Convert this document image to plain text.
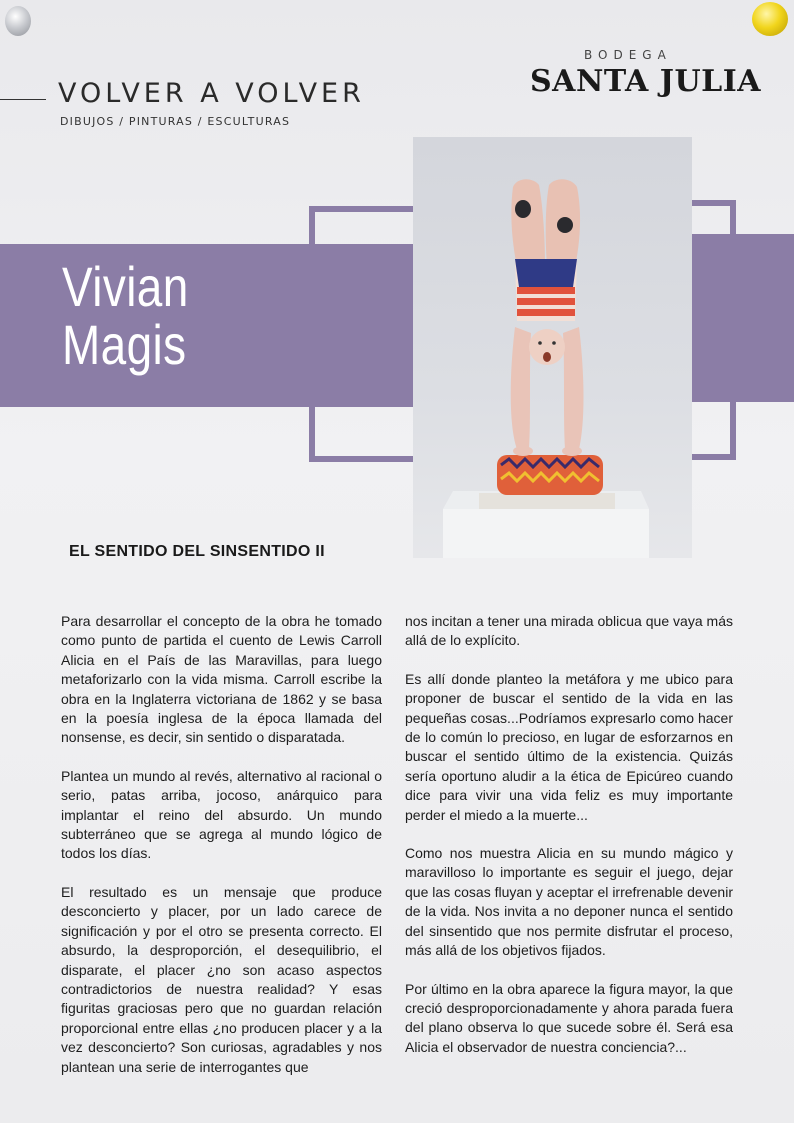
VOLVER A VOLVER
DIBUJOS / PINTURAS / ESCULTURAS
BODEGA
SANTA JULIA
Vivian
Magis
EL SENTIDO DEL SINSENTIDO II

Para desarrollar el concepto de la obra he tomado como punto de partida el cuento de Lewis Carroll Alicia en el País de las Maravillas, para luego metaforizarlo con la vida misma. Carroll escribe la obra en la Inglaterra victoriana de 1862 y se basa en la poesía inglesa de la época llamada del nonsense, es decir, sin sentido o disparatada.

Plantea un mundo al revés, alternativo al racional o serio, patas arriba, jocoso, anárquico para implantar el reino del absurdo. Un mundo subterráneo que se agrega al mundo lógico de todos los días.

El resultado es un mensaje que produce desconcierto y placer, por un lado carece de significación y por el otro se presenta correcto. El absurdo, la desproporción, el desequilibrio, el disparate, el placer ¿no son acaso aspectos contradictorios de nuestra realidad? Y esas figuritas graciosas pero que no guardan relación proporcional entre ellas ¿no producen placer y a la vez desconcierto? Son curiosas, agradables y nos plantean una serie de interrogantes que

nos incitan a tener una mirada oblicua que vaya más allá de lo explícito.

Es allí donde planteo la metáfora y me ubico para proponer de buscar el sentido de la vida en las pequeñas cosas...Podríamos expresarlo como hacer de lo común lo precioso, en lugar de esforzarnos en buscar el sentido último de la existencia. Quizás sería oportuno aludir a la ética de Epicúreo cuando dice para vivir una vida feliz es muy importante perder el miedo a la muerte...

Como nos muestra Alicia en su mundo mágico y maravilloso lo importante es seguir el juego, dejar que las cosas fluyan y aceptar el irrefrenable devenir de la vida. Nos invita a no deponer nunca el sentido del sinsentido que nos permite disfrutar el proceso, más allá de los objetivos fijados.

Por último en la obra aparece la figura mayor, la que creció desproporcionadamente y ahora parada fuera del plano observa lo que sucede sobre él. Será esa Alicia el observador de nuestra conciencia?...
